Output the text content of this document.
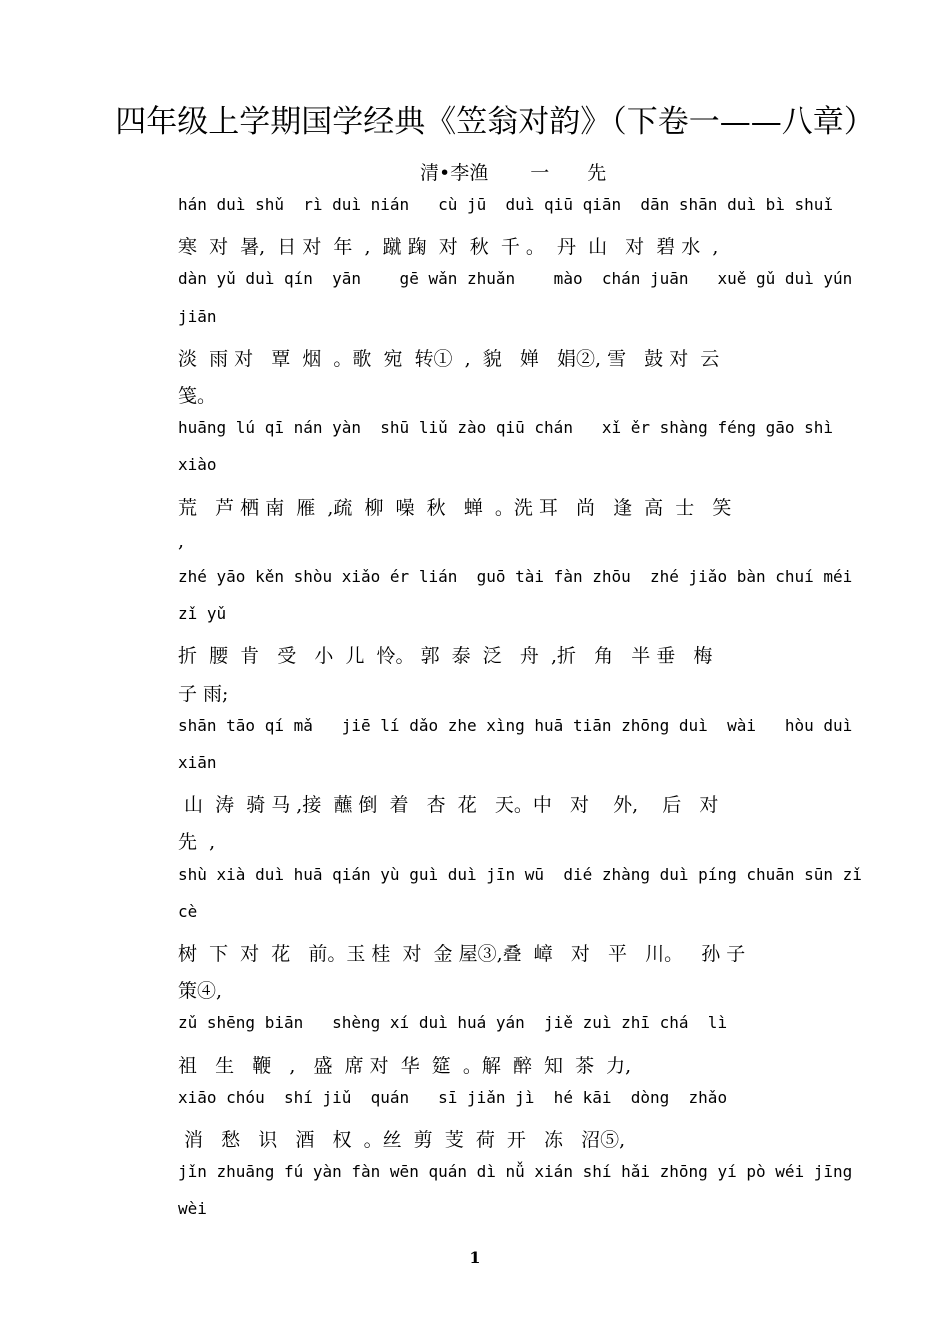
四年级上学期国学经典《笠翁对韵》（下卷一——八章）
清•李渔 一 先
hán duì shǔ  rì duì nián   cù jū  duì qiū qiān  dān shān duì bì shuǐ
寒  对  暑,  日 对  年  ,  蹴 踘  对  秋  千 。  丹  山   对  碧 水  ,
dàn yǔ duì qín  yān    gē wǎn zhuǎn    mào  chán juān   xuě gǔ duì yún
jiān
淡  雨 对   覃  烟  。歌  宛  转①  ,  貌   婵   娟②, 雪   鼓 对  云
笺。
huāng lú qī nán yàn  shū liǔ zào qiū chán   xǐ ěr shàng féng gāo shì
xiào
荒   芦 栖 南  雁  ,疏  柳  噪  秋   蝉  。洗 耳   尚   逢  高  士   笑
,
zhé yāo kěn shòu xiǎo ér lián  guō tài fàn zhōu  zhé jiǎo bàn chuí méi
zǐ yǔ
折  腰  肯   受   小  儿  怜。 郭  泰  泛   舟  ,折   角   半 垂   梅
子 雨;
shān tāo qí mǎ   jiē lí dǎo zhe xìng huā tiān zhōng duì  wài   hòu duì
xiān
山  涛  骑 马 ,接  蘸 倒  着   杏  花   天。中   对    外,    后   对
先  ,
shù xià duì huā qián yù guì duì jīn wū  dié zhàng duì píng chuān sūn zǐ
cè
树  下  对  花   前。玉 桂  对  金 屋③,叠  嶂   对   平   川。   孙 子
策④,
zǔ shēng biān   shèng xí duì huá yán  jiě zuì zhī chá  lì
祖   生   鞭   ,   盛  席 对  华  筵  。解  醉  知  茶  力,
xiāo chóu  shí jiǔ  quán   sī jiǎn jì  hé kāi  dòng  zhǎo
消   愁   识   酒   权  。丝  剪  芰  荷  开   冻   沼⑤,
jǐn zhuāng fú yàn fàn wēn quán dì nǚ xián shí hǎi zhōng yí pò wéi jīng
wèi
1
